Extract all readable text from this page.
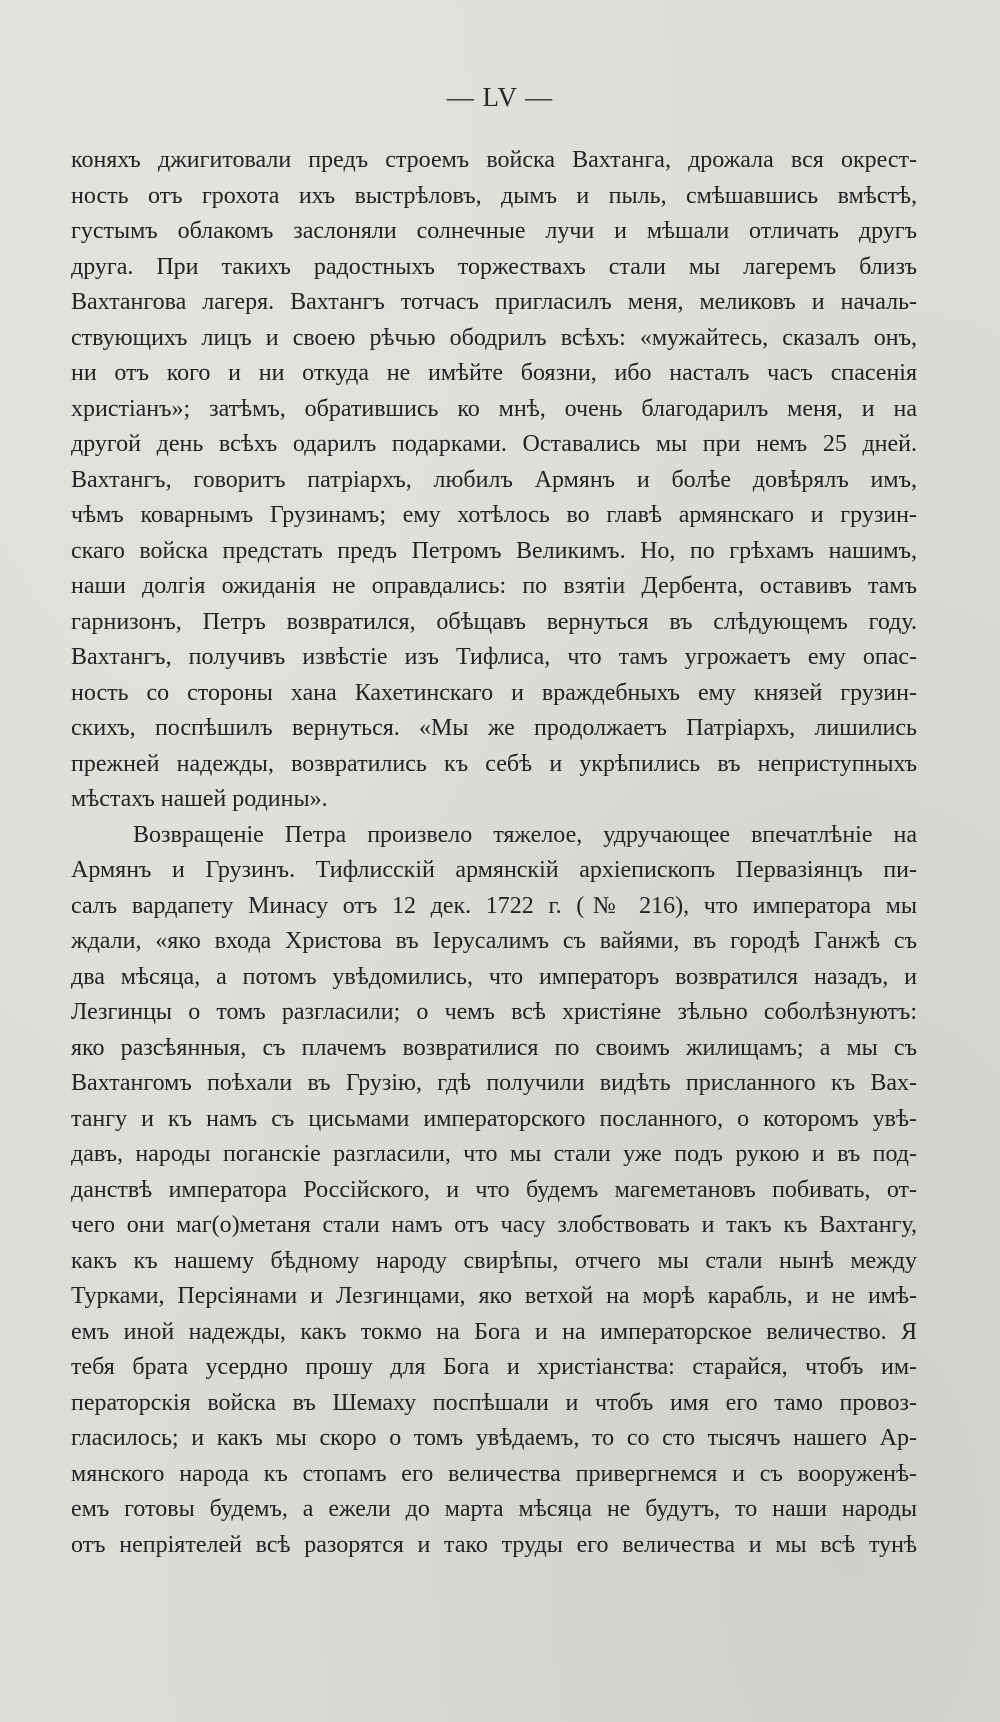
— LV —
коняхъ джигитовали предъ строемъ войска Вахтанга, дрожала вся окрест-
ность отъ грохота ихъ выстрѣловъ, дымъ и пыль, смѣшавшись вмѣстѣ,
густымъ облакомъ заслоняли солнечные лучи и мѣшали отличать другъ
друга. При такихъ радостныхъ торжествахъ стали мы лагеремъ близъ
Вахтангова лагеря. Вахтангъ тотчасъ пригласилъ меня, меликовъ и началь-
ствующихъ лицъ и своею рѣчью ободрилъ всѣхъ: «мужайтесь, сказалъ онъ,
ни отъ кого и ни откуда не имѣйте боязни, ибо насталъ часъ спасенія
христіанъ»; затѣмъ, обратившись ко мнѣ, очень благодарилъ меня, и на
другой день всѣхъ одарилъ подарками. Оставались мы при немъ 25 дней.
Вахтангъ, говоритъ патріархъ, любилъ Армянъ и болѣе довѣрялъ имъ,
чѣмъ коварнымъ Грузинамъ; ему хотѣлось во главѣ армянскаго и грузин-
скаго войска предстать предъ Петромъ Великимъ. Но, по грѣхамъ нашимъ,
наши долгія ожиданія не оправдались: по взятіи Дербента, оставивъ тамъ
гарнизонъ, Петръ возвратился, обѣщавъ вернуться въ слѣдующемъ году.
Вахтангъ, получивъ извѣстіе изъ Тифлиса, что тамъ угрожаетъ ему опас-
ность со стороны хана Кахетинскаго и враждебныхъ ему князей грузин-
скихъ, поспѣшилъ вернуться. «Мы же продолжаетъ Патріархъ, лишились
прежней надежды, возвратились къ себѣ и укрѣпились въ неприступныхъ
мѣстахъ нашей родины».
Возвращеніе Петра произвело тяжелое, удручающее впечатлѣніе на
Армянъ и Грузинъ. Тифлисскій армянскій архіепископъ Первазіянцъ пи-
салъ вардапету Минасу отъ 12 дек. 1722 г. (№ 216), что императора мы
ждали, «яко входа Христова въ Іерусалимъ съ вайями, въ городѣ Ганжѣ съ
два мѣсяца, а потомъ увѣдомились, что императоръ возвратился назадъ, и
Лезгинцы о томъ разгласили; о чемъ всѣ христіяне зѣльно соболѣзнуютъ:
яко разсѣянныя, съ плачемъ возвратилися по своимъ жилищамъ; а мы съ
Вахтангомъ поѣхали въ Грузію, гдѣ получили видѣть присланного къ Вах-
тангу и къ намъ съ цисьмами императорского посланного, о которомъ увѣ-
давъ, народы поганскіе разгласили, что мы стали уже подъ рукою и въ под-
данствѣ императора Россійского, и что будемъ магеметановъ побивать, от-
чего они маг(о)метаня стали намъ отъ часу злобствовать и такъ къ Вахтангу,
какъ къ нашему бѣдному народу свирѣпы, отчего мы стали нынѣ между
Турками, Персіянами и Лезгинцами, яко ветхой на морѣ карабль, и не имѣ-
емъ иной надежды, какъ токмо на Бога и на императорское величество. Я
тебя брата усердно прошу для Бога и христіанства: старайся, чтобъ им-
ператорскія войска въ Шемаху поспѣшали и чтобъ имя его тамо провоз-
гласилось; и какъ мы скоро о томъ увѣдаемъ, то со сто тысячъ нашего Ар-
мянского народа къ стопамъ его величества привергнемся и съ вооруженѣ-
емъ готовы будемъ, а ежели до марта мѣсяца не будутъ, то наши народы
отъ непріятелей всѣ разорятся и тако труды его величества и мы всѣ тунѣ
